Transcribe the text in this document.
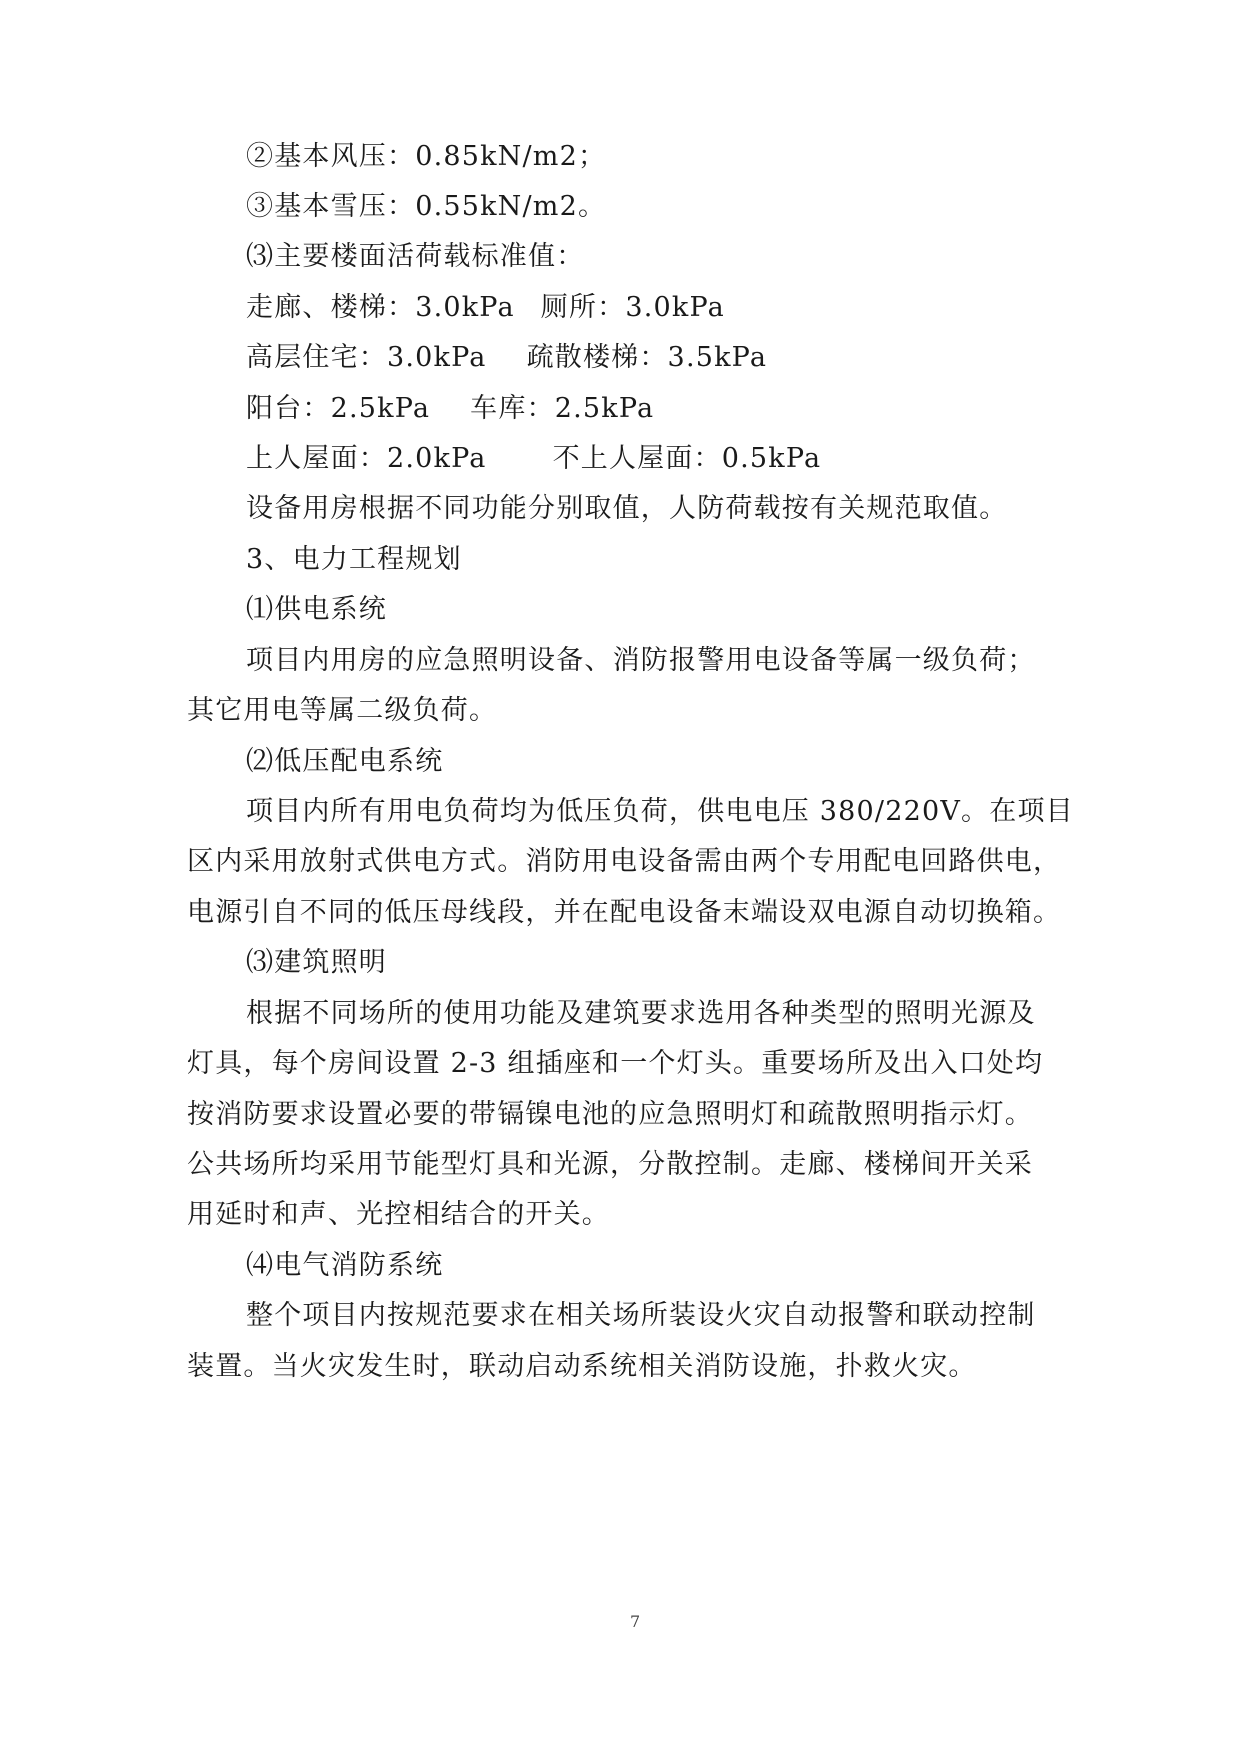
②基本风压：0.85kN/m2；
③基本雪压：0.55kN/m2。
⑶主要楼面活荷载标准值：
走廊、楼梯：3.0kPa 厕所：3.0kPa
高层住宅：3.0kPa 疏散楼梯：3.5kPa
阳台：2.5kPa 车库：2.5kPa
上人屋面：2.0kPa 不上人屋面：0.5kPa
设备用房根据不同功能分别取值，人防荷载按有关规范取值。
3、电力工程规划
⑴供电系统
项目内用房的应急照明设备、消防报警用电设备等属一级负荷；
其它用电等属二级负荷。
⑵低压配电系统
项目内所有用电负荷均为低压负荷，供电电压 380/220V。在项目
区内采用放射式供电方式。消防用电设备需由两个专用配电回路供电，
电源引自不同的低压母线段，并在配电设备末端设双电源自动切换箱。
⑶建筑照明
根据不同场所的使用功能及建筑要求选用各种类型的照明光源及
灯具，每个房间设置 2-3 组插座和一个灯头。重要场所及出入口处均
按消防要求设置必要的带镉镍电池的应急照明灯和疏散照明指示灯。
公共场所均采用节能型灯具和光源，分散控制。走廊、楼梯间开关采
用延时和声、光控相结合的开关。
⑷电气消防系统
整个项目内按规范要求在相关场所装设火灾自动报警和联动控制
装置。当火灾发生时，联动启动系统相关消防设施，扑救火灾。
7
